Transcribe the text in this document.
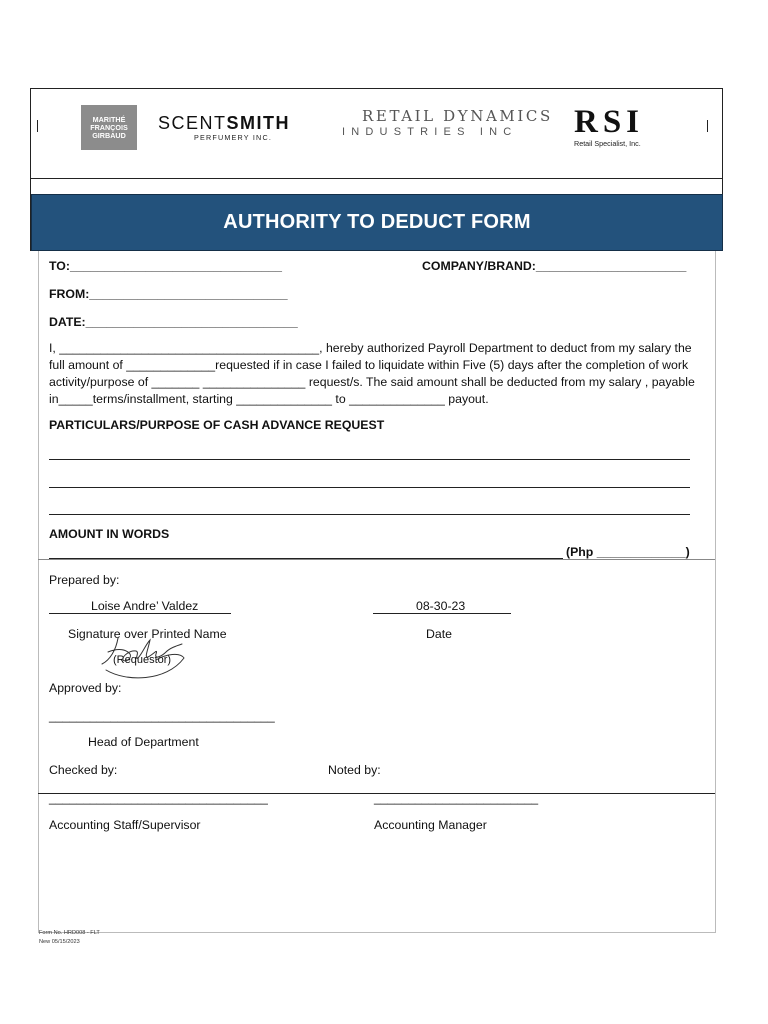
MARITHÉ
FRANÇOIS
GIRBAUD
SCENTSMITH
PERFUMERY INC.
RETAIL DYNAMICS
INDUSTRIES INC RSI
Retail Specialist, Inc.
AUTHORITY TO DEDUCT FORM
TO:_______________________________	COMPANY/BRAND:______________________
FROM:_____________________________
DATE:_______________________________
I, ______________________________________, hereby authorized Payroll Department to deduct from my salary the
full amount of _____________requested if in case I failed to liquidate within Five (5) days after the completion of work
activity/purpose of _______ _______________ request/s. The said amount shall be deducted from my salary , payable
in_____terms/installment, starting ______________ to ______________ payout.
PARTICULARS/PURPOSE OF CASH ADVANCE REQUEST
AMOUNT IN WORDS
(Php _____________)
Prepared by:
Loise Andre’ Valdez	08-30-23
Signature over Printed Name	Date
(Requestor)
Approved by:
_________________________________
Head of Department
Checked by:	Noted by:
________________________________	________________________
Accounting Staff/Supervisor	Accounting Manager
Form No. HRD008 - FLT
New 05/15/2023
